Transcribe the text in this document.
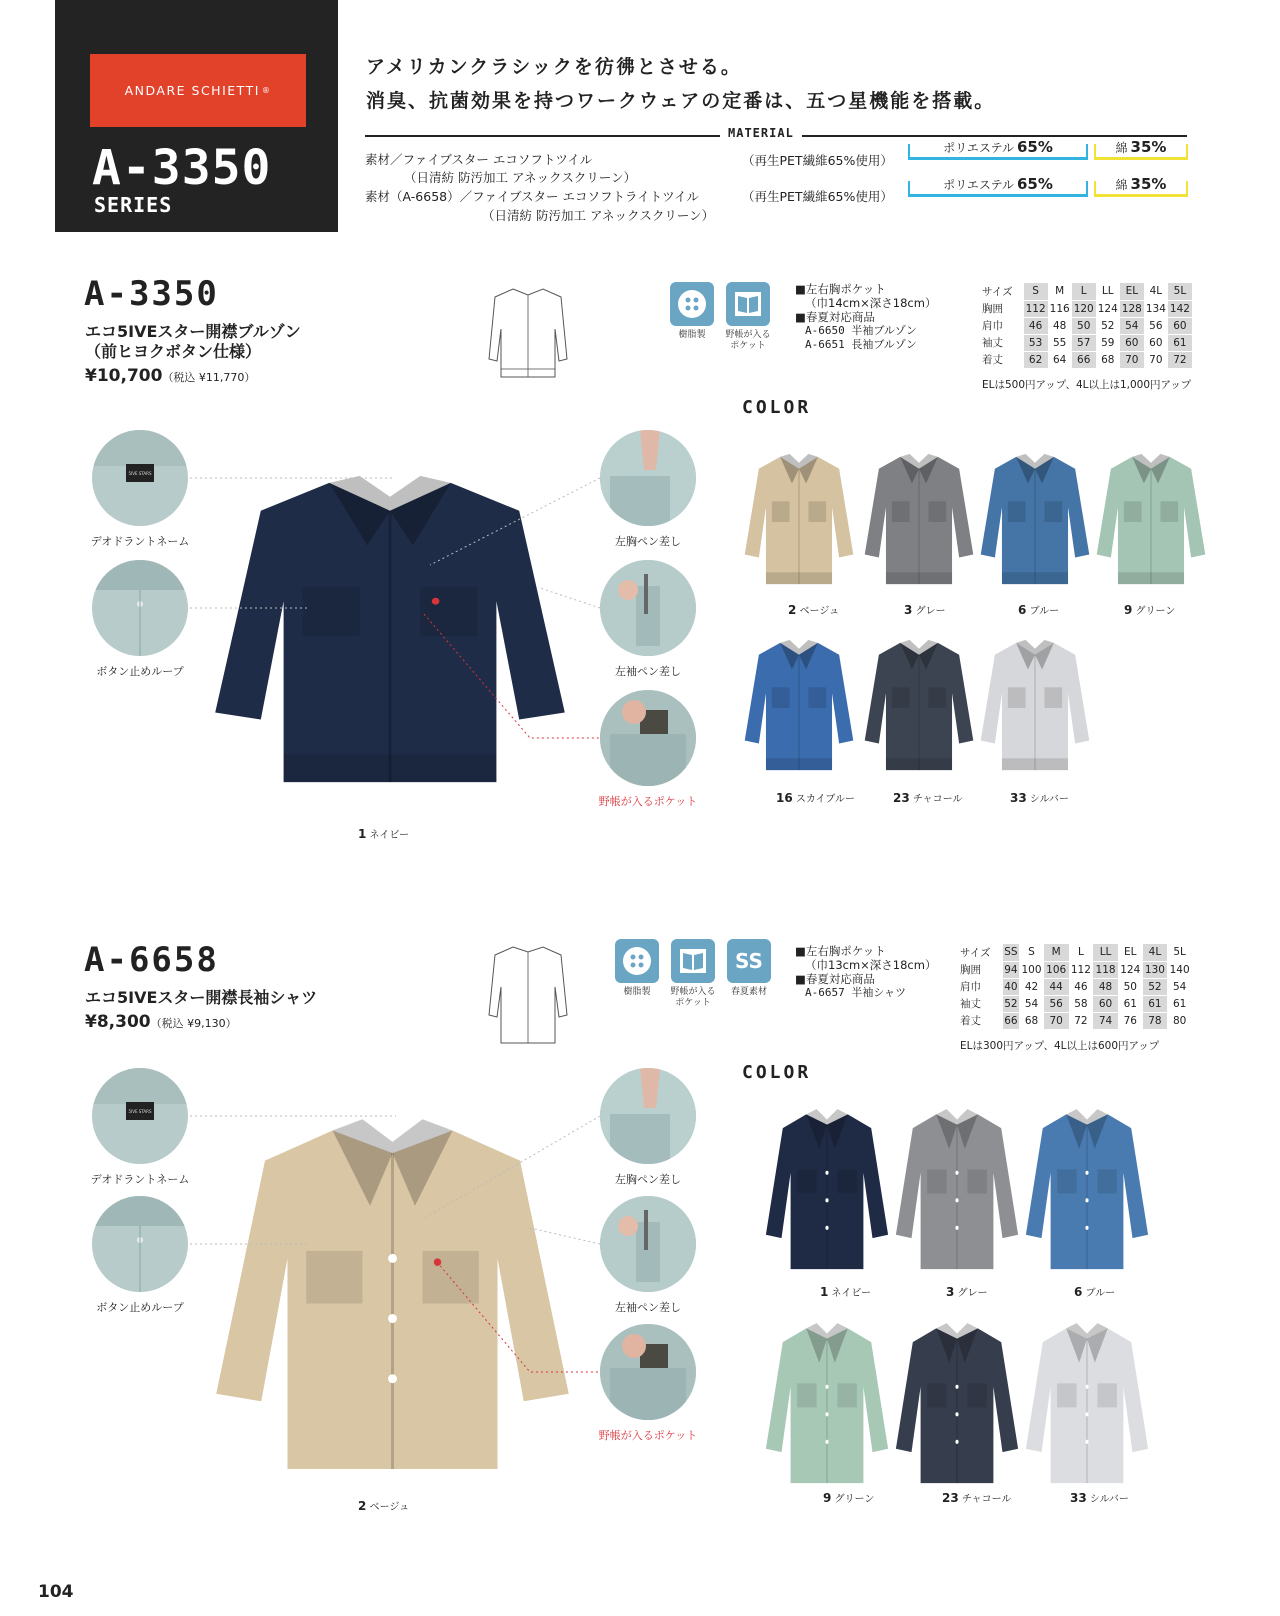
ANDARE SCHIETTI ®
A-3350
SERIES
アメリカンクラシックを彷彿とさせる。
消臭、抗菌効果を持つワークウェアの定番は、五つ星機能を搭載。
MATERIAL
素材／ファイブスター エコソフトツイル
（日清紡 防汚加工 アネックスクリーン）
（再生PET繊維65%使用）
ポリエステル 65%	綿 35%
素材（A-6658）／ファイブスター エコソフトライトツイル
（日清紡 防汚加工 アネックスクリーン）
（再生PET繊維65%使用）
ポリエステル 65%	綿 35%
A-3350
エコ5IVEスター開襟ブルゾン
（前ヒヨクボタン仕様）
¥10,700（税込 ¥11,770）
樹脂製	野帳が入る
ポケット
■左右胸ポケット
（巾14cm×深さ18cm）
■春夏対応商品
A-6650 半袖ブルゾン
A-6651 長袖ブルゾン
サイズ	S	M	L	LL	EL	4L	5L
胸囲	112	116	120	124	128	134	142
肩巾	46	48	50	52	54	56	60
袖丈	53	55	57	59	60	60	61
着丈	62	64	66	68	70	70	72
ELは500円アップ、4L以上は1,000円アップ
COLOR
5IVE STARS
デオドラントネーム
ボタン止めループ
左胸ペン差し
左袖ペン差し
野帳が入るポケット
1 ネイビー
2 ベージュ	3 グレー	6 ブルー	9 グリーン
16 スカイブルー	23 チャコール	33 シルバー
A-6658
エコ5IVEスター開襟長袖シャツ
¥8,300（税込 ¥9,130）
樹脂製	野帳が入る
ポケット
SS
春夏素材
■左右胸ポケット
（巾13cm×深さ18cm）
■春夏対応商品
A-6657 半袖シャツ
サイズ	SS	S	M	L	LL	EL	4L	5L
胸囲	94	100	106	112	118	124	130	140
肩巾	40	42	44	46	48	50	52	54
袖丈	52	54	56	58	60	61	61	61
着丈	66	68	70	72	74	76	78	80
ELは300円アップ、4L以上は600円アップ
COLOR
5IVE STARS
デオドラントネーム
ボタン止めループ
左胸ペン差し
左袖ペン差し
野帳が入るポケット
2 ベージュ
1 ネイビー	3 グレー	6 ブルー
9 グリーン	23 チャコール	33 シルバー
104
